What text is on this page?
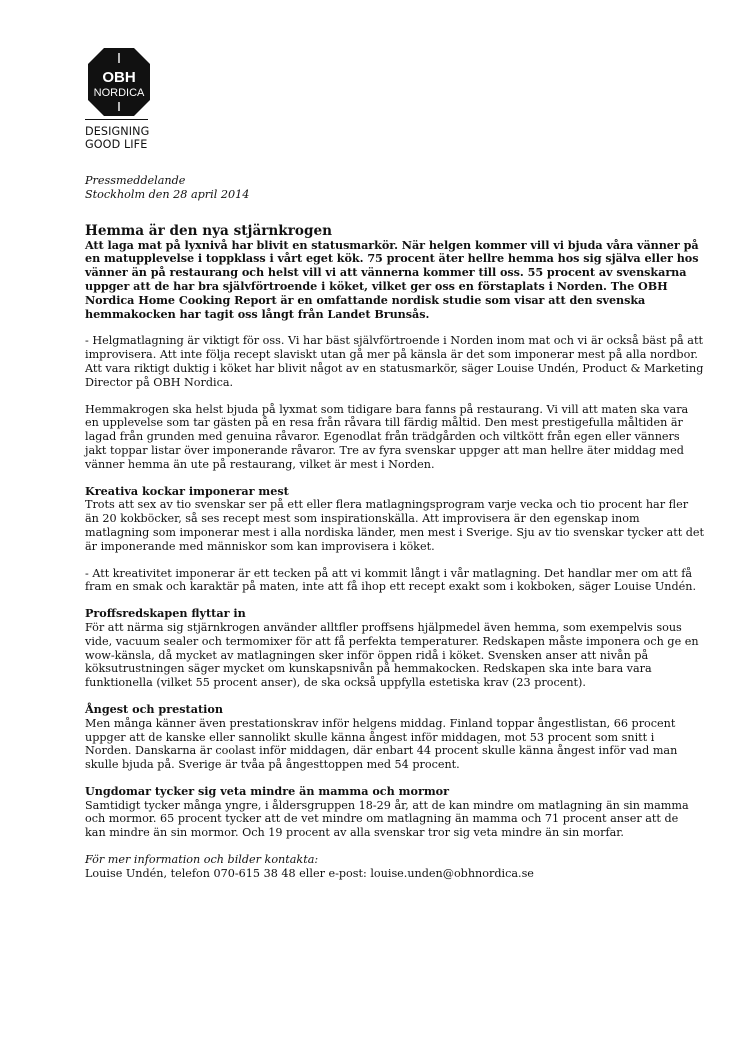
OBH
NORDICA
DESIGNING
GOOD LIFE
Pressmeddelande
Stockholm den 28 april 2014
Hemma är den nya stjärnkrogen

Att laga mat på lyxnivå har blivit en statusmarkör. När helgen kommer vill vi bjuda våra vänner på
en matupplevelse i toppklass i vårt eget kök. 75 procent äter hellre hemma hos sig själva eller hos
vänner än på restaurang och helst vill vi att vännerna kommer till oss. 55 procent av svenskarna
uppger att de har bra självförtroende i köket, vilket ger oss en förstaplats i Norden. The OBH
Nordica Home Cooking Report är en omfattande nordisk studie som visar att den svenska
hemmakocken har tagit oss långt från Landet Brunsås.

- Helgmatlagning är viktigt för oss. Vi har bäst självförtroende i Norden inom mat och vi är också bäst på att
improvisera. Att inte följa recept slaviskt utan gå mer på känsla är det som imponerar mest på alla nordbor.
Att vara riktigt duktig i köket har blivit något av en statusmarkör, säger Louise Undén, Product & Marketing
Director på OBH Nordica.

Hemmakrogen ska helst bjuda på lyxmat som tidigare bara fanns på restaurang. Vi vill att maten ska vara
en upplevelse som tar gästen på en resa från råvara till färdig måltid. Den mest prestigefulla måltiden är
lagad från grunden med genuina råvaror. Egenodlat från trädgården och viltkött från egen eller vänners
jakt toppar listar över imponerande råvaror. Tre av fyra svenskar uppger att man hellre äter middag med
vänner hemma än ute på restaurang, vilket är mest i Norden.

Kreativa kockar imponerar mest

Trots att sex av tio svenskar ser på ett eller flera matlagningsprogram varje vecka och tio procent har fler
än 20 kokböcker, så ses recept mest som inspirationskälla. Att improvisera är den egenskap inom
matlagning som imponerar mest i alla nordiska länder, men mest i Sverige. Sju av tio svenskar tycker att det
är imponerande med människor som kan improvisera i köket.

- Att kreativitet imponerar är ett tecken på att vi kommit långt i vår matlagning. Det handlar mer om att få
fram en smak och karaktär på maten, inte att få ihop ett recept exakt som i kokboken, säger Louise Undén.

Proffsredskapen flyttar in

För att närma sig stjärnkrogen använder alltfler proffsens hjälpmedel även hemma, som exempelvis sous
vide, vacuum sealer och termomixer för att få perfekta temperaturer. Redskapen måste imponera och ge en
wow-känsla, då mycket av matlagningen sker inför öppen ridå i köket. Svensken anser att nivån på
köksutrustningen säger mycket om kunskapsnivån på hemmakocken. Redskapen ska inte bara vara
funktionella (vilket 55 procent anser), de ska också uppfylla estetiska krav (23 procent).

Ångest och prestation

Men många känner även prestationskrav inför helgens middag. Finland toppar ångestlistan, 66 procent
uppger att de kanske eller sannolikt skulle känna ångest inför middagen, mot 53 procent som snitt i
Norden. Danskarna är coolast inför middagen, där enbart 44 procent skulle känna ångest inför vad man
skulle bjuda på. Sverige är tvåa på ångesttoppen med 54 procent.

Ungdomar tycker sig veta mindre än mamma och mormor

Samtidigt tycker många yngre, i åldersgruppen 18-29 år, att de kan mindre om matlagning än sin mamma
och mormor. 65 procent tycker att de vet mindre om matlagning än mamma och 71 procent anser att de
kan mindre än sin mormor. Och 19 procent av alla svenskar tror sig veta mindre än sin morfar.

För mer information och bilder kontakta:
Louise Undén, telefon 070-615 38 48 eller e-post: louise.unden@obhnordica.se
